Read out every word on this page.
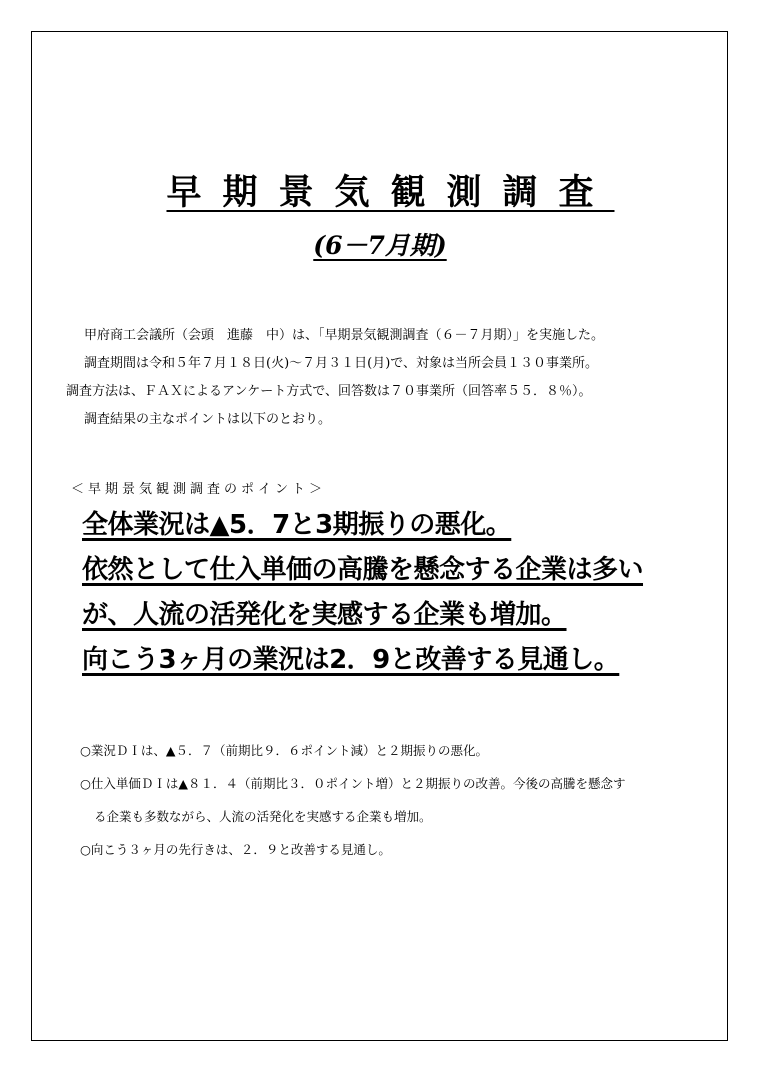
早期景気観測調査
(6－7月期)

甲府商工会議所（会頭　進藤　中）は、「早期景気観測調査（６－７月期）」を実施した。

調査期間は令和５年７月１８日(火)～７月３１日(月)で、対象は当所会員１３０事業所。

調査方法は、ＦＡＸによるアンケート方式で、回答数は７０事業所（回答率５５．８％）。

調査結果の主なポイントは以下のとおり。

＜早期景気観測調査のポイント＞

全体業況は▲5．7と3期振りの悪化。

依然として仕入単価の高騰を懸念する企業は多い

が、人流の活発化を実感する企業も増加。

向こう3ヶ月の業況は2．9と改善する見通し。

○業況ＤＩは、▲５．７（前期比９．６ポイント減）と２期振りの悪化。

○仕入単価ＤＩは▲８１．４（前期比３．０ポイント増）と２期振りの改善。今後の高騰を懸念す

る企業も多数ながら、人流の活発化を実感する企業も増加。

○向こう３ヶ月の先行きは、２．９と改善する見通し。
